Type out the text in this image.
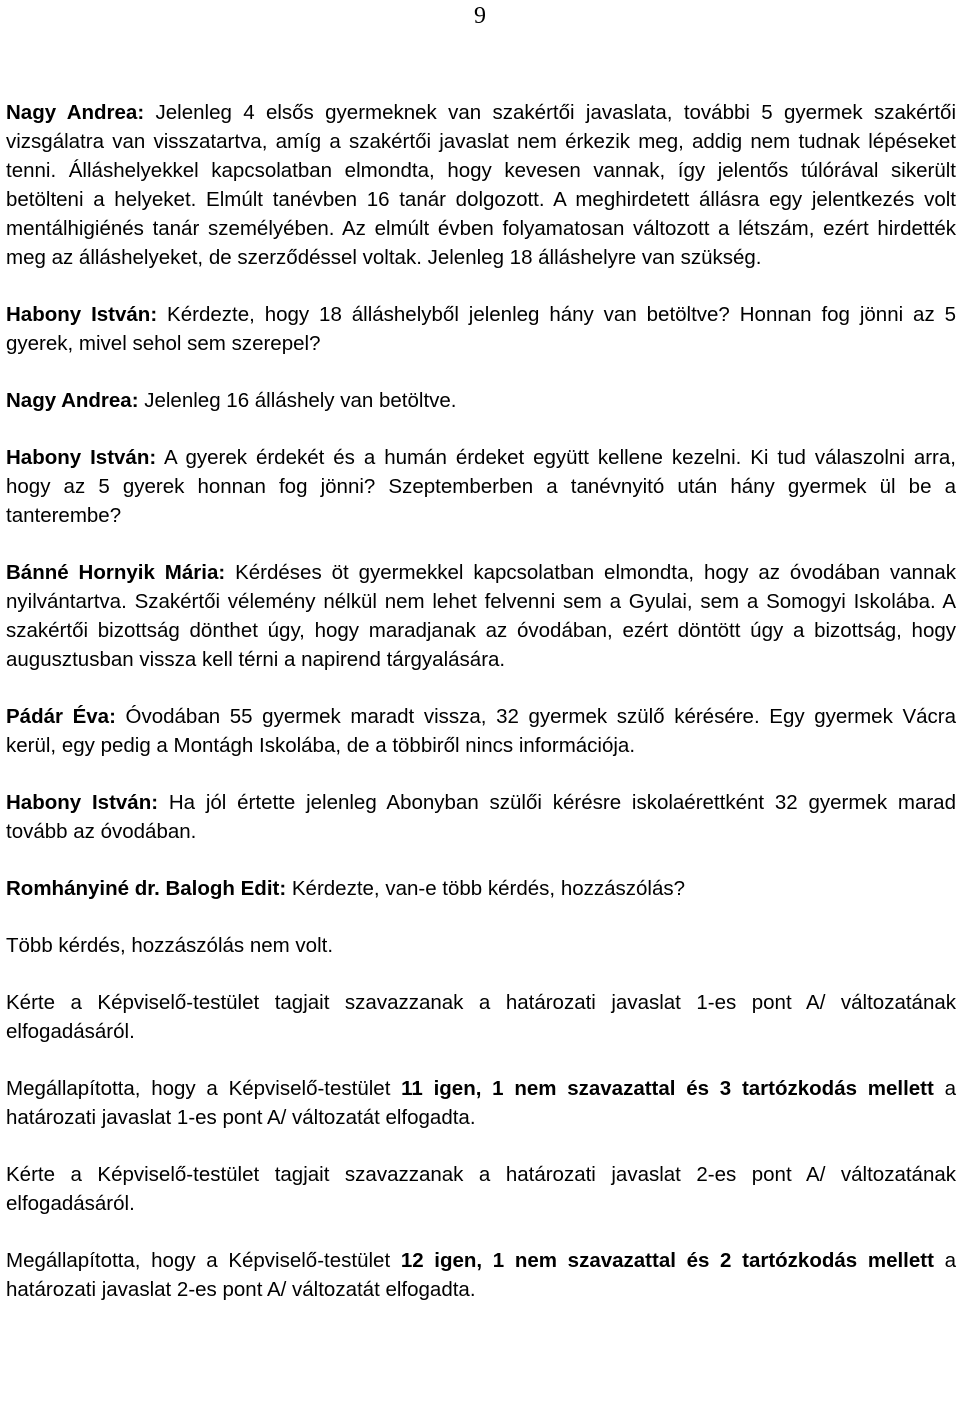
9

Nagy Andrea: Jelenleg 4 elsős gyermeknek van szakértői javaslata, további 5 gyermek szakértői vizsgálatra van visszatartva, amíg a szakértői javaslat nem érkezik meg, addig nem tudnak lépéseket tenni. Álláshelyekkel kapcsolatban elmondta, hogy kevesen vannak, így jelentős túlórával sikerült betölteni a helyeket. Elmúlt tanévben 16 tanár dolgozott. A meghirdetett állásra egy jelentkezés volt mentálhigiénés tanár személyében. Az elmúlt évben folyamatosan változott a létszám, ezért hirdették meg az álláshelyeket, de szerződéssel voltak. Jelenleg 18 álláshelyre van szükség.

Habony István: Kérdezte, hogy 18 álláshelyből jelenleg hány van betöltve? Honnan fog jönni az 5 gyerek, mivel sehol sem szerepel?

Nagy Andrea: Jelenleg 16 álláshely van betöltve.

Habony István: A gyerek érdekét és a humán érdeket együtt kellene kezelni. Ki tud válaszolni arra, hogy az 5 gyerek honnan fog jönni? Szeptemberben a tanévnyitó után hány gyermek ül be a tanterembe?

Bánné Hornyik Mária: Kérdéses öt gyermekkel kapcsolatban elmondta, hogy az óvodában vannak nyilvántartva. Szakértői vélemény nélkül nem lehet felvenni sem a Gyulai, sem a Somogyi Iskolába. A szakértői bizottság dönthet úgy, hogy maradjanak az óvodában, ezért döntött úgy a bizottság, hogy augusztusban vissza kell térni a napirend tárgyalására.

Pádár Éva: Óvodában 55 gyermek maradt vissza, 32 gyermek szülő kérésére. Egy gyermek Vácra kerül, egy pedig a Montágh Iskolába, de a többiről nincs információja.

Habony István: Ha jól értette jelenleg Abonyban szülői kérésre iskolaérettként 32 gyermek marad tovább az óvodában.

Romhányiné dr. Balogh Edit: Kérdezte, van-e több kérdés, hozzászólás?

Több kérdés, hozzászólás nem volt.

Kérte a Képviselő-testület tagjait szavazzanak a határozati javaslat 1-es pont A/ változatának elfogadásáról.

Megállapította, hogy a Képviselő-testület 11 igen, 1 nem szavazattal és 3 tartózkodás mellett a határozati javaslat 1-es pont A/ változatát elfogadta.

Kérte a Képviselő-testület tagjait szavazzanak a határozati javaslat 2-es pont A/ változatának elfogadásáról.

Megállapította, hogy a Képviselő-testület 12 igen, 1 nem szavazattal és 2 tartózkodás mellett a határozati javaslat 2-es pont A/ változatát elfogadta.
